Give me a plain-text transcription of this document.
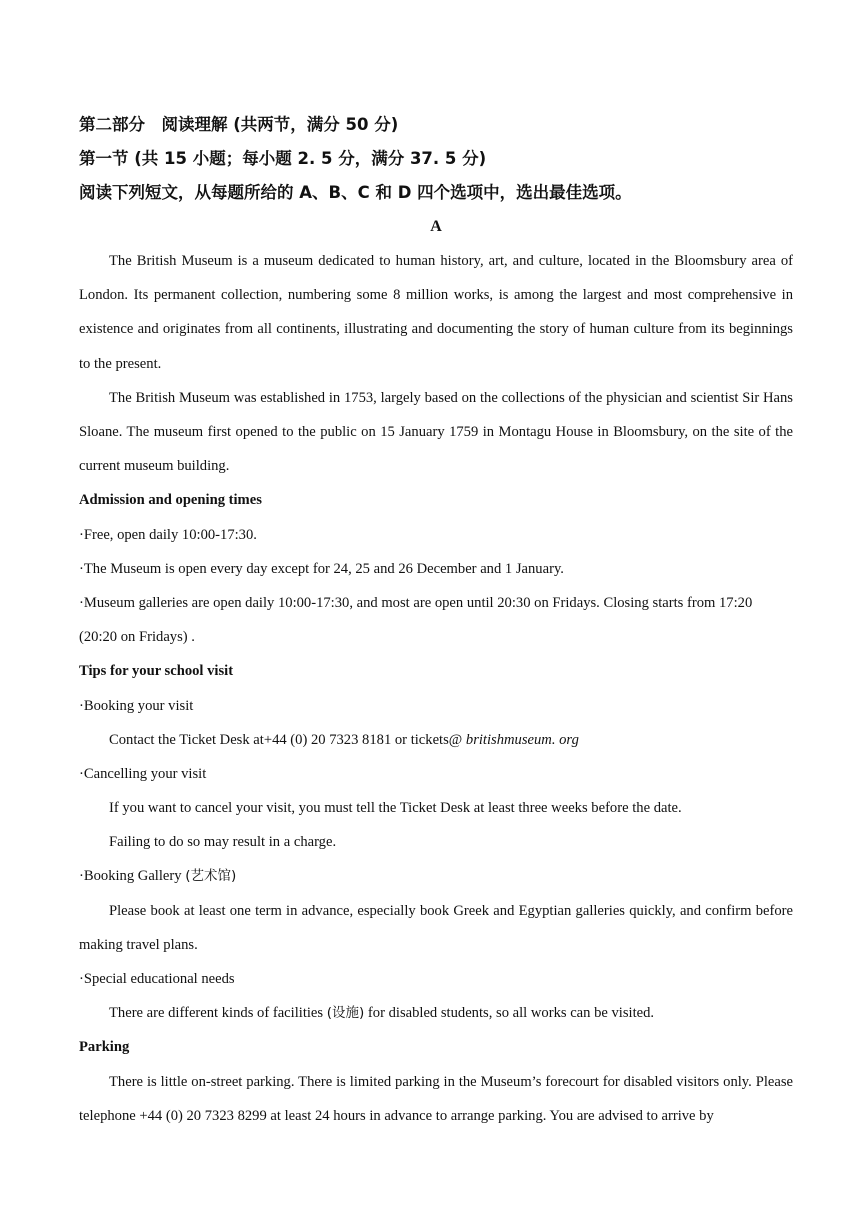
第二部分　阅读理解 (共两节，满分 50 分)
第一节 (共 15 小题；每小题 2. 5 分，满分 37. 5 分)
阅读下列短文，从每题所给的 A、B、C 和 D 四个选项中，选出最佳选项。
A

The British Museum is a museum dedicated to human history, art, and culture, located in the Bloomsbury area of London. Its permanent collection, numbering some 8 million works, is among the largest and most comprehensive in existence and originates from all continents, illustrating and documenting the story of human culture from its beginnings to the present.

The British Museum was established in 1753, largely based on the collections of the physician and scientist Sir Hans Sloane. The museum first opened to the public on 15 January 1759 in Montagu House in Bloomsbury, on the site of the current museum building.

Admission and opening times
·Free, open daily 10:00-17:30.
·The Museum is open every day except for 24, 25 and 26 December and 1 January.
·Museum galleries are open daily 10:00-17:30, and most are open until 20:30 on Fridays. Closing starts from 17:20
(20:20 on Fridays) .
Tips for your school visit
·Booking your visit
Contact the Ticket Desk at+44 (0) 20 7323 8181 or tickets@ britishmuseum. org
·Cancelling your visit
If you want to cancel your visit, you must tell the Ticket Desk at least three weeks before the date.
Failing to do so may result in a charge.
·Booking Gallery (艺术馆)

Please book at least one term in advance, especially book Greek and Egyptian galleries quickly, and confirm before making travel plans.

·Special educational needs
There are different kinds of facilities (设施) for disabled students, so all works can be visited.
Parking

There is little on-street parking. There is limited parking in the Museum’s forecourt for disabled visitors only. Please telephone +44 (0) 20 7323 8299 at least 24 hours in advance to arrange parking. You are advised to arrive by
